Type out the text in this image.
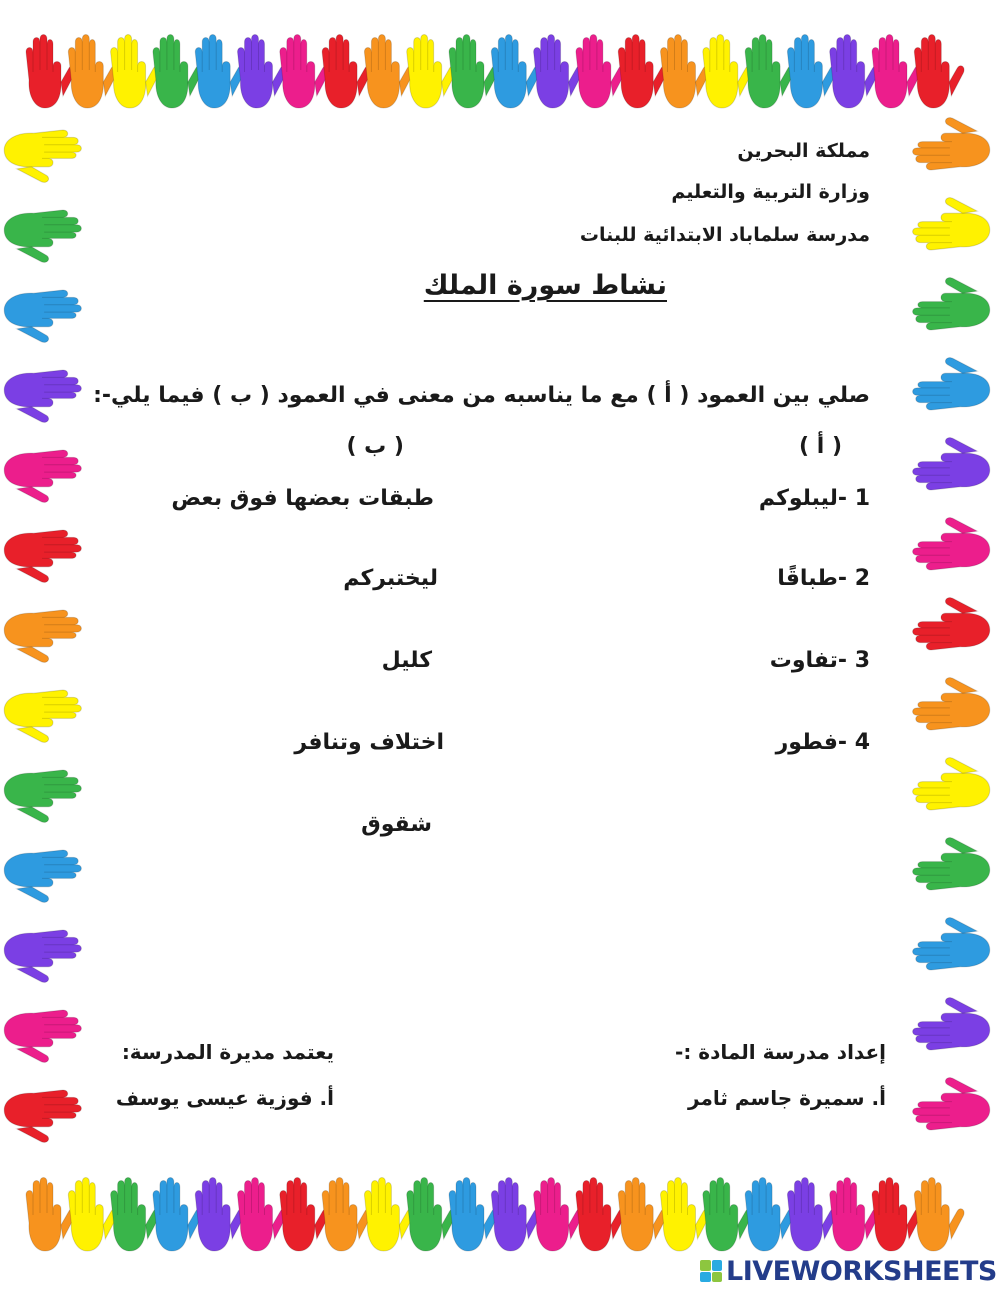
مملكة البحرين
وزارة التربية والتعليم
مدرسة سلماباد الابتدائية للبنات
نشاط سورة الملك
صلي بين العمود ( أ ) مع ما يناسبه من معنى في العمود ( ب ) فيما يلي-:
( أ )
( ب )
1 -ليبلوكم
2 -طباقًا
3 -تفاوت
4 -فطور
طبقات بعضها فوق بعض
ليختبركم
كليل
اختلاف وتنافر
شقوق
إعداد مدرسة المادة :-
أ. سميرة جاسم ثامر
يعتمد مديرة المدرسة:
أ. فوزية عيسى يوسف
LIVEWORKSHEETS
